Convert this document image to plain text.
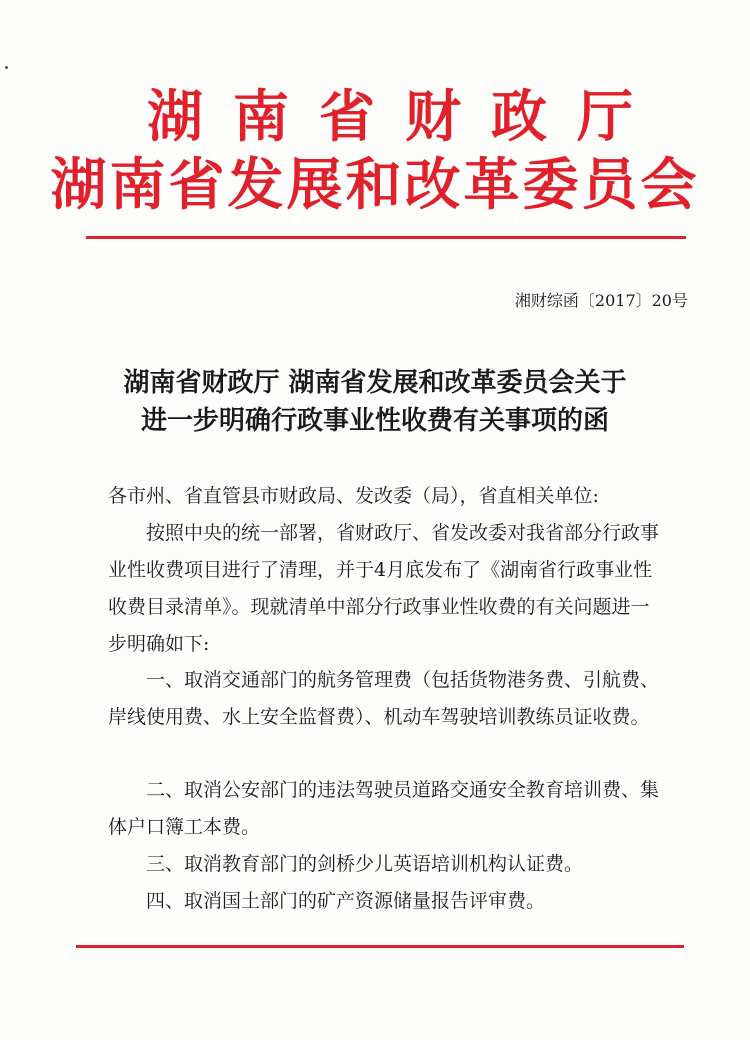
湖南省财政厅
湖南省发展和改革委员会
湘财综函〔2017〕20号
湖南省财政厅 湖南省发展和改革委员会关于
进一步明确行政事业性收费有关事项的函
各市州、省直管县市财政局、发改委（局），省直相关单位:
按照中央的统一部署，省财政厅、省发改委对我省部分行政事业性收费项目进行了清理，并于4月底发布了《湖南省行政事业性收费目录清单》。现就清单中部分行政事业性收费的有关问题进一步明确如下:
一、取消交通部门的航务管理费（包括货物港务费、引航费、岸线使用费、水上安全监督费）、机动车驾驶培训教练员证收费。
二、取消公安部门的违法驾驶员道路交通安全教育培训费、集体户口簿工本费。
三、取消教育部门的剑桥少儿英语培训机构认证费。
四、取消国土部门的矿产资源储量报告评审费。
